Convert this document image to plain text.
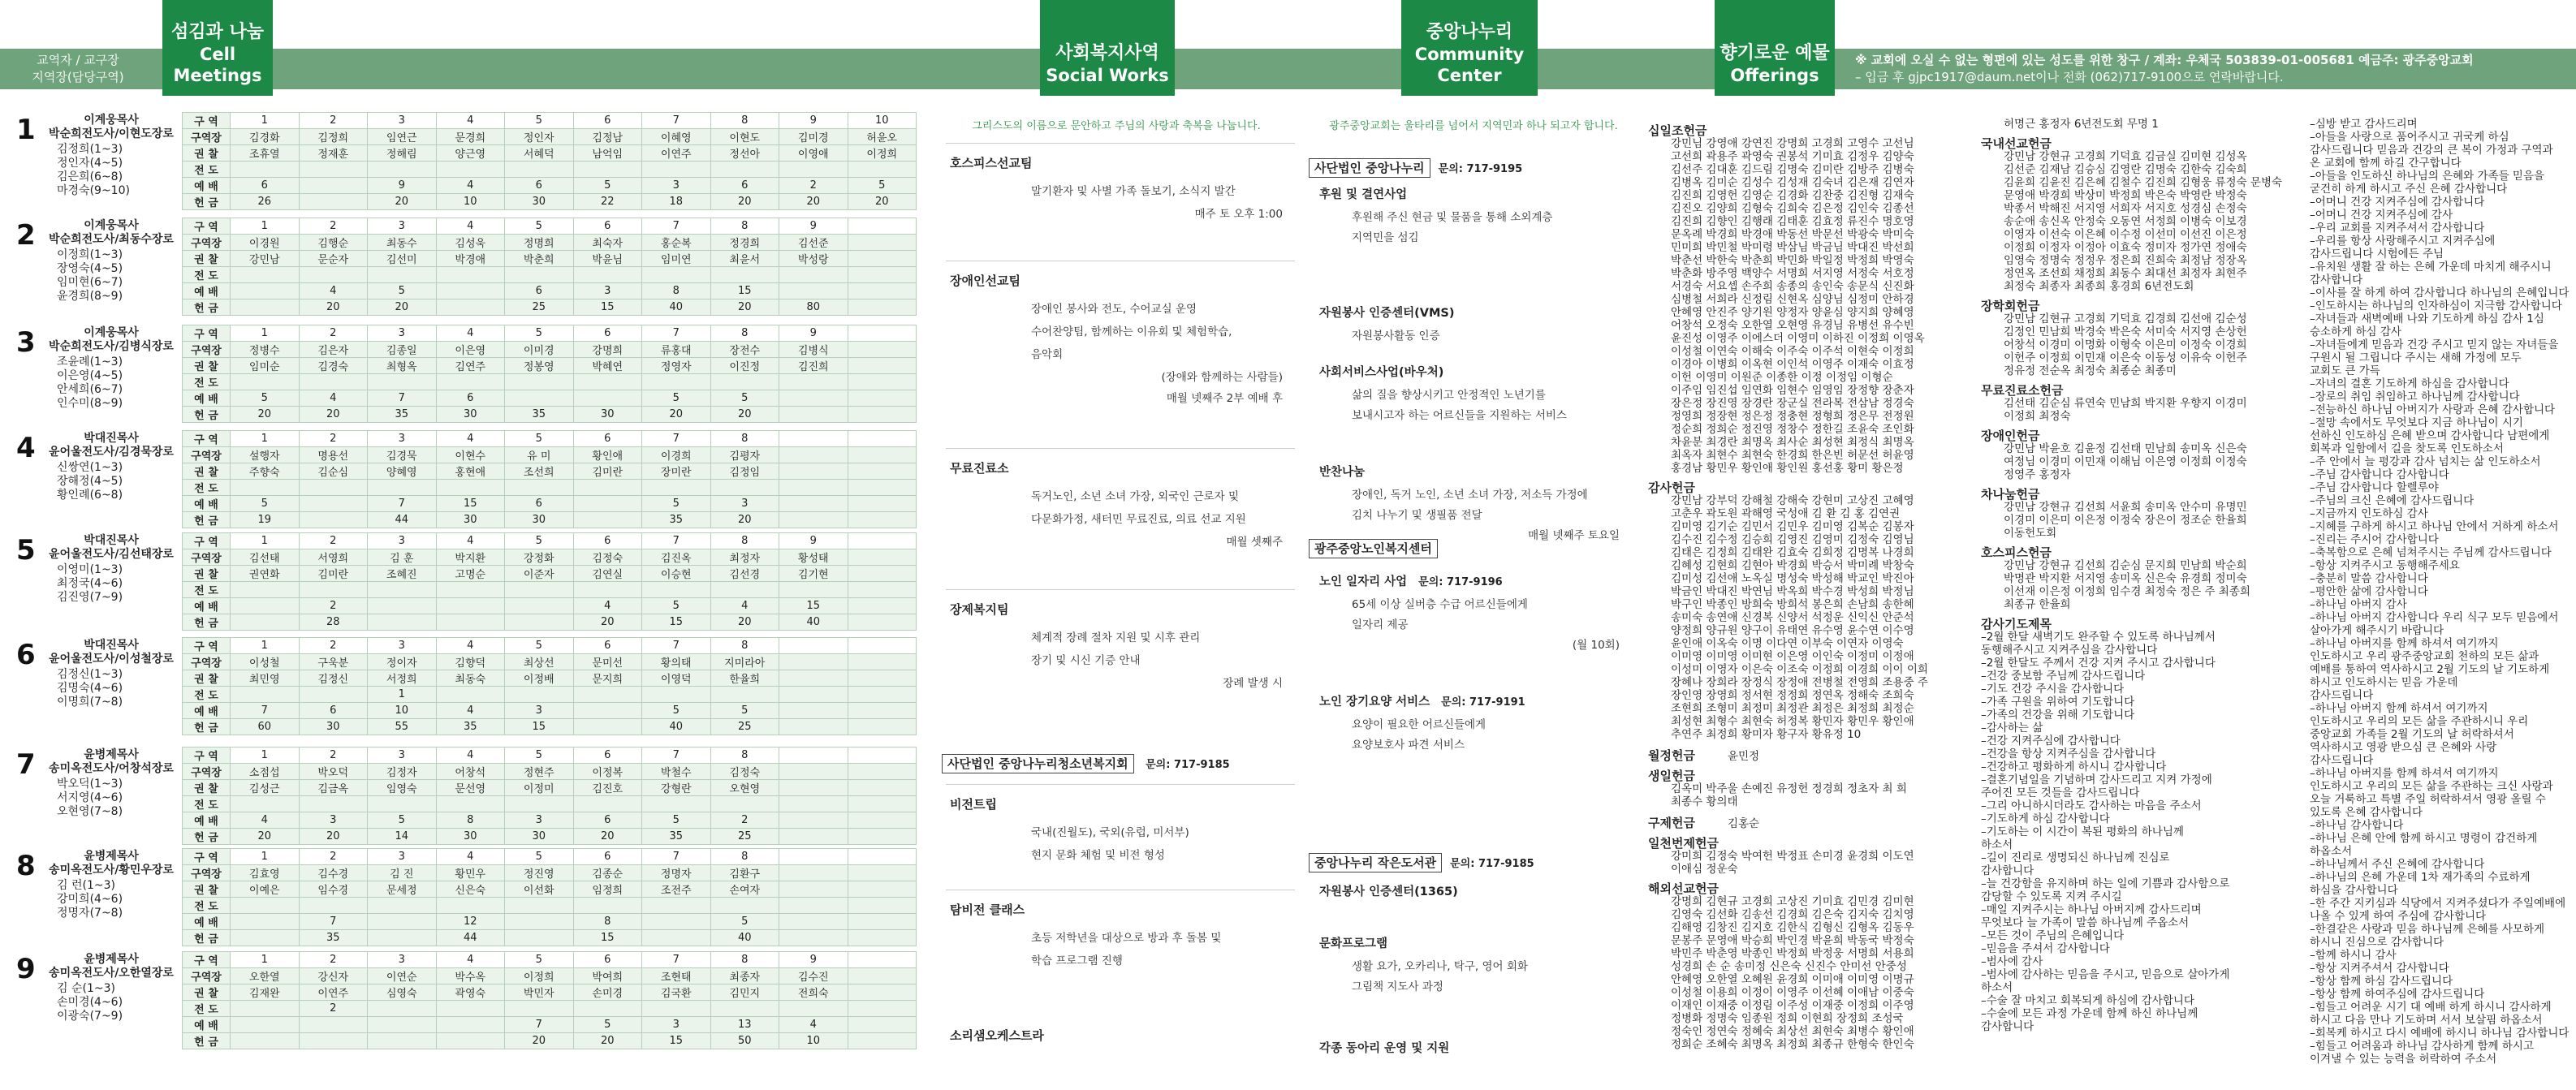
교역자 / 교구장
지역장(담당구역)
섬김과 나눔
Cell Meetings
사회복지사역
Social Works
중앙나누리
Community Center
향기로운 예물
Offerings
※ 교회에 오실 수 없는 형편에 있는 성도를 위한 창구 / 계좌: 우체국 503839-01-005681 예금주: 광주중앙교회
– 입금 후 gjpc1917@daum.net이나 전화 (062)717-9100으로 연락바랍니다.
1	이계웅목사
박순희전도사/이현도장로
김정희(1~3)
정인자(4~5)
김은희(6~8)
마경숙(9~10)
구 역	1	2	3	4	5	6	7	8	9	10
구역장	김경화	김정희	임연근	문경희	정인자	김정남	이혜영	이현도	김미경	허윤오
권 찰	조휴열	정재훈	정해림	양근영	서혜덕	남억임	이연주	정선아	이영애	이정희
전 도										
예 배	6		9	4	6	5	3	6	2	5
헌 금	26		20	10	30	22	18	20	20	20
2	이계웅목사
박순희전도사/최동수장로
이정희(1~3)
장영숙(4~5)
임미현(6~7)
윤경희(8~9)
구 역	1	2	3	4	5	6	7	8	9	
구역장	이경원	김행순	최동수	김성욱	정명희	최숙자	홍순복	정경희	김선준	
권 찰	강민남	문순자	김선미	박경애	박춘희	박윤님	임미연	최윤서	박성랑	
전 도										
예 배		4	5		6	3	8	15		
헌 금		20	20		25	15	40	20	80	
3	이계웅목사
박순희전도사/김병식장로
조윤례(1~3)
이은영(4~5)
안세희(6~7)
인수미(8~9)
구 역	1	2	3	4	5	6	7	8	9	
구역장	정병수	김은자	김종일	이은영	이미경	강명희	류홍대	장전수	김병식	
권 찰	임미순	김경숙	최형옥	김연주	정봉영	박혜연	정영자	이진정	김진희	
전 도										
예 배	5	4	7	6			5	5		
헌 금	20	20	35	30	35	30	20	20		
4	박대진목사
윤어울전도사/김경묵장로
신쌍연(1~3)
장해정(4~5)
황인례(6~8)
구 역	1	2	3	4	5	6	7	8		
구역장	설행자	명용선	김경묵	이현수	유 미	황인애	이경희	김평자		
권 찰	주향숙	김순심	양혜영	홍현애	조선희	김미란	장미란	김정임		
전 도										
예 배	5		7	15	6		5	3		
헌 금	19		44	30	30		35	20		
5	박대진목사
윤어울전도사/김선태장로
이영미(1~3)
최정국(4~6)
김진영(7~9)
구 역	1	2	3	4	5	6	7	8	9	
구역장	김선태	서영희	김 훈	박지환	강정화	김정숙	김진옥	최정자	황성태	
권 찰	권연화	김미란	조혜진	고명순	이준자	김연실	이승현	김선경	김기현	
전 도										
예 배		2				4	5	4	15	
헌 금		28				20	15	20	40	
6	박대진목사
윤어울전도사/이성철장로
김정신(1~3)
김명숙(4~6)
이명희(7~8)
구 역	1	2	3	4	5	6	7	8		
구역장	이성철	구욱분	정이자	김향덕	최상선	문미선	황의태	지미라아		
권 찰	최민영	김정신	서정희	최동숙	이정배	문지희	이영덕	한율희		
전 도			1							
예 배	7	6	10	4	3		5	5		
헌 금	60	30	55	35	15		40	25		
7	윤병제목사
송미옥전도사/어창석장로
박오덕(1~3)
서지영(4~6)
오현영(7~8)
구 역	1	2	3	4	5	6	7	8		
구역장	소점섭	박오덕	김정자	어창석	정현주	이정복	박철수	김정숙		
권 찰	김성근	김금옥	임영숙	문선영	이정미	김진호	강형란	오현영		
전 도										
예 배	4	3	5	8	3	6	5	2		
헌 금	20	20	14	30	30	20	35	25		
8	윤병제목사
송미옥전도사/황민우장로
김 런(1~3)
강미희(4~6)
정명자(7~8)
구 역	1	2	3	4	5	6	7	8		
구역장	김효영	김수경	김 진	황민우	정진영	김종순	정명자	김환구		
권 찰	이예은	임수경	문세정	신은숙	이선화	임정희	조전주	손여자		
전 도										
예 배		7		12		8		5		
헌 금		35		44		15		40		
9	윤병제목사
송미옥전도사/오한열장로
김 순(1~3)
손미경(4~6)
이광숙(7~9)
구 역	1	2	3	4	5	6	7	8	9	
구역장	오한열	강신자	이연순	박수옥	이정희	박여희	조현태	최종자	김수진	
권 찰	김재완	이연주	심영숙	곽영숙	박민자	손미경	김국환	김민지	전희숙	
전 도		2								
예 배					7	5	3	13	4	
헌 금					20	20	15	50	10	
그리스도의 이름으로 문안하고 주님의 사랑과 축복을 나눕니다.
호스피스선교팀
말기환자 및 사별 가족 돌보기, 소식지 발간
매주 토 오후 1:00
장애인선교팀
장애인 봉사와 전도, 수어교실 운영
수어찬양팀, 함께하는 이유회 및 체험학습,
음악회
(장애와 함께하는 사람들)
매월 넷째주 2부 예배 후
무료진료소
독거노인, 소년 소녀 가장, 외국인 근로자 및
다문화가정, 새터민 무료진료, 의료 선교 지원
매월 셋째주
장제복지팀
체계적 장례 절차 지원 및 시후 관리
장기 및 시신 기증 안내
장례 발생 시
사단법인 중앙나누리청소년복지회 문의: 717-9185
비전트립
국내(진월도), 국외(유럽, 미서부)
현지 문화 체험 및 비전 형성
탐비전 클래스
초등 저학년을 대상으로 방과 후 돌봄 및
학습 프로그램 진행
소리샘오케스트라
광주중앙교회는 울타리를 넘어서 지역민과 하나 되고자 합니다.
사단법인 중앙나누리 문의: 717-9195
후원 및 결연사업
후원해 주신 현금 및 물품을 통해 소외계층
지역민을 섬김
자원봉사 인증센터(VMS)
자원봉사활동 인증
사회서비스사업(바우처)
삶의 질을 향상시키고 안정적인 노년기를
보내시고자 하는 어르신들을 지원하는 서비스
반찬나눔
장애인, 독거 노인, 소년 소녀 가장, 저소득 가정에
김치 나누기 및 생필품 전달
매월 넷째주 토요일
광주중앙노인복지센터
노인 일자리 사업 문의: 717-9196
65세 이상 실버층 수급 어르신들에게
일자리 제공
(월 10회)
노인 장기요양 서비스 문의: 717-9191
요양이 필요한 어르신들에게
요양보호사 파견 서비스
중앙나누리 작은도서관 문의: 717-9185
자원봉사 인증센터(1365)
문화프로그램
생활 요가, 오카리나, 탁구, 영어 회화
그림책 지도사 과정
각종 동아리 운영 및 지원
십일조헌금
강민님 강영애 강연진 강명희 고경희 고영수 고선님
고선희 곽용주 곽영숙 권봉석 기미효 김정우 김양숙
김선주 김대훈 김드림 김명숙 김미란 김방주 김병숙
김병옥 김미순 김성수 김성재 김숙녀 김은재 김연자
김진희 김영헌 김영순 김경화 김찬중 김진형 김재숙
김진오 김양희 김형숙 김희숙 김은정 김인숙 김종선
김진희 김향인 김행래 김태훈 김효정 류진수 명호영
문옥례 박경희 박경애 박동선 박문선 박광숙 박미숙
민미희 박민철 박미령 박삼님 박금님 박대진 박선희
박춘선 박한숙 박춘희 박민화 박일정 박정희 박영숙
박춘화 방주영 백양수 서명희 서지영 서정숙 서호정
서경숙 서요셉 손주희 송종의 송인숙 송문식 신진화
심병철 서희라 신정림 신현옥 심양님 심정미 안하경
안혜영 안진주 양기원 양정자 양윤심 양지희 양혜영
어창석 오정숙 오한열 오현영 유경님 유병선 유수빈
윤진성 이영주 이에스더 이영미 이하진 이정희 이영옥
이성철 이연숙 이해숙 이주숙 이주석 이현숙 이정희
이경아 이병희 이옥현 이인석 이영주 이재숙 이효정
이헌 이영미 이원준 이종한 이정 이정임 이형순
이주임 임진섭 임연화 임현수 임영임 장정향 장춘자
장은정 장진영 장경란 장군실 전라복 전삼남 정경숙
정영희 정장현 정은정 정충현 정형희 정은무 전정원
정순희 정희순 정진영 정창수 정한길 조윤숙 조인화
차윤분 최경란 최명옥 최사순 최성현 최정식 최명옥
최옥자 최현수 최현숙 한경희 한은빈 허문선 허윤영
홍경남 황민우 황인애 황인원 홍선홍 황미 황은정
감사헌금
강민남 강부덕 강해철 강해숙 강현미 고상진 고혜영
고춘우 곽도원 곽해영 국성애 김 환 김 홍 김연권
김미영 김기순 김민서 김민우 김미영 김복순 김봉자
김수진 김수정 김승희 김영진 김영미 김정숙 김영님
김태은 김정희 김태완 김효숙 김희정 김명복 나경희
김혜성 김현희 김현아 박경희 박승서 박미례 박창숙
김미성 김선애 노옥실 명성숙 박성해 박교인 박진아
박금인 박대진 박연님 박옥희 박수경 박성희 박정님
박구인 박종인 방희숙 방희석 봉은희 손남희 송한혜
송미숙 송연애 신경복 신양서 석정운 신익신 안준석
양정희 양규원 양구이 유태연 유수영 윤수연 이수영
윤인애 이옥숙 이명 이다연 이부숙 이연자 이영숙
이미영 이미영 이미현 이은영 이인숙 이정미 이정애
이성미 이영자 이은숙 이조숙 이정희 이경희 이이 이희
장혜나 장희라 장정식 장정애 전병철 전영희 조용중 주
장인영 장영희 정서현 정정희 정연옥 정해숙 조희숙
조현희 조형미 최정미 최정관 최정은 최정희 최정순
최성현 최형수 최현숙 허정복 황민자 황민우 황인애
추연주 최정희 황미자 황구자 황유정 10
월정헌금	윤민정
생일헌금
김옥미 박주울 손예진 유정헌 정경희 정초자 최 희
최종수 황의태
구제헌금	김홍순
일천번제헌금
강미희 김정숙 박여헌 박정표 손미경 윤경희 이도연
이애심 정운숙
해외선교헌금
강명희 김현규 고경희 고상진 기미효 김민경 김미현
김영숙 김선화 김송선 김경희 김은숙 김지숙 김치영
김해영 김창진 김지호 김한식 김형신 김형옥 김동우
문봉주 문영애 박승희 박인경 박윤희 박동국 박정숙
박민주 박춘영 박종인 박정희 박정웅 서명희 서용희
성경희 손 순 송미정 신은숙 신진수 안미선 안중성
안혜영 오한열 오혜원 윤경희 이미애 이미영 이명규
이성철 이용희 이정이 이영주 이선혜 이애남 이중숙
이재인 이재중 이정림 이주성 이재중 이정희 이주영
정병화 정명숙 임종원 정희 이현희 장정희 조성국
정숙인 정연숙 정혜숙 최상선 최현숙 최병수 황인애
정희순 조혜숙 최명옥 최정희 최종규 한형숙 한인숙
허명근 홍정자 6년전도회 무명 1
국내선교헌금
강민남 강현규 고경희 기덕효 김금실 김미현 김성옥
김선준 김재남 김승심 김영란 김명숙 김한숙 김숙희
김윤희 김윤진 김은혜 김철수 김진희 김형웅 류정숙 문병숙
문영애 박경희 박상미 박정희 박은숙 박영란 박정숙
박종서 박해진 서지영 서희자 서지호 성경심 손정숙
송순애 송신옥 안정숙 오동연 서정희 이병숙 이보경
이영자 이선숙 이은혜 이수정 이선미 이선진 이은정
이정희 이정자 이정아 이효숙 정미자 정가연 정애숙
임영숙 정명숙 정정우 정은희 진희숙 최정남 정장옥
정연옥 조선희 채정희 최동수 최대선 최정자 최현주
최정숙 최종자 최종희 홍경희 6년전도회
장학회헌금
강민남 김현규 고경희 기덕효 김경희 김선애 김순성
김정인 민남희 박경숙 박은숙 서미숙 서지영 손상헌
어창석 이경미 이명화 이형숙 이은미 이정숙 이경희
이헌주 이정희 이민재 이은숙 이동성 이유숙 이헌주
정유정 전순옥 최정숙 최종순 최종미
무료진료소헌금
김선태 김순심 류연숙 민남희 박지환 우향지 이경미
이정희 최정숙
장애인헌금
강민남 박윤호 김윤정 김선태 민남희 송미옥 신은숙
여정님 이경미 이민재 이해님 이은영 이정희 이정숙
정영주 홍정자
차나눔헌금
강민남 강현규 김선희 서윤희 송미옥 안수미 유명민
이경미 이은미 이은정 이정숙 장은이 정조순 한율희
이동헌도회
호스피스헌금
강민남 강현규 김선희 김순심 문지희 민남희 박순희
박명관 박지환 서지영 송미옥 신은숙 유경희 정미숙
이선재 이은정 이정희 임수경 최정숙 정은 주 최종희
최종규 한율희
감사기도제목
–2월 한달 새벽기도 완주할 수 있도록 하나님께서
동행해주시고 지켜주심을 감사합니다
–2월 한달도 주께서 건강 지켜 주시고 감사합니다
–건강 중보함 주님께 감사드립니다
–기도 건강 주시을 감사합니다
–가족 구원을 위하여 기도합니다
–가족의 건강을 위해 기도합니다
–감사하는 삶
–건강 지켜주심에 감사합니다
–건강을 항상 지켜주심을 감사합니다
–건강하고 평화하게 하시니 감사합니다
–결혼기념일을 기념하며 감사드리고 지켜 가정에
주어진 모든 것들을 감사드립니다
–그리 아니하시더라도 감사하는 마음을 주소서
–기도하게 하심 감사합니다
–기도하는 이 시간이 복된 평화의 하나님께
하소서
–길이 진리로 생명되신 하나님께 진심로
감사합니다
–늘 건강함을 유지하며 하는 일에 기쁨과 감사함으로
감당할 수 있도록 지켜 주시길
–매일 지켜주시는 하나님 아버지께 감사드리며
무엇보다 늘 가족이 말씀 하나님께 주옵소서
–모든 것이 주님의 은혜입니다
–믿음을 주셔서 감사합니다
–범사에 감사
–범사에 감사하는 믿음을 주시고, 믿음으로 살아가게
하소서
–수술 잘 마치고 회복되게 하심에 감사합니다
–수술에 모든 과정 가운데 함께 하신 하나님께
감사합니다
–심방 받고 감사드리며
–아들을 사랑으로 품어주시고 귀국케 하심
감사드립니다 믿음과 건강의 큰 복이 가정과 구역과
온 교회에 함께 하길 간구합니다
–아들을 인도하신 하나님의 은혜와 가족들 믿음을
굳건히 하게 하시고 주신 은혜 감사합니다
–어머니 건강 지켜주심에 감사합니다
–어머니 건강 지켜주심에 감사
–우리 교회를 지켜주셔서 감사합니다
–우리를 항상 사랑해주시고 지켜주심에
감사드립니다 시험에든 주님
–유치원 생활 잘 하는 은혜 가운데 마치게 해주시니
감사합니다
–이사를 잘 하게 하여 감사합니다 하나님의 은혜입니다
–인도하시는 하나님의 인자하심이 지극함 감사합니다
–자녀들과 새벽예배 나와 기도하게 하심 감사 1심
승소하게 하심 감사
–자녀들에게 믿음과 건강 주시고 믿지 않는 자녀들을
구원시 될 그립니다 주시는 새해 가정에 모두
교회도 큰 가득
–자녀의 결혼 기도하게 하심을 감사합니다
–장로의 취임 취임하고 하나님께 감사합니다
–전능하신 하나님 아버지가 사랑과 은혜 감사합니다
–절망 속에서도 무엇보다 지금 하나님이 시기
선하신 인도하심 은혜 받으며 감사합니다 남편에게
회복과 일함에서 길을 찾도록 인도하소서
–주 안에서 늘 평강과 감사 넘치는 삶 인도하소서
–주님 감사합니다 감사합니다
–주님 감사합니다 할렐루야
–주님의 크신 은혜에 감사드립니다
–지금까지 인도하심 감사
–지혜를 구하게 하시고 하나님 안에서 거하게 하소서
–진리는 주시어 감사합니다
–축복함으로 은혜 넘쳐주시는 주님께 감사드립니다
–항상 지켜주시고 동행해주세요
–충분히 말씀 감사합니다
–평안한 삶에 감사합니다
–하나님 아버지 감사
–하나님 아버지 감사합니다 우리 식구 모두 믿음에서
살아가게 해주시기 바랍니다
–하나님 아버지를 함께 하셔서 여기까지
인도하시고 우리 광주중앙교회 천하의 모든 삶과
예배를 통하여 역사하시고 2월 기도의 날 기도하게
하시고 인도하시는 믿음 가운데
감사드립니다
–하나님 아버지 함께 하셔서 여기까지
인도하시고 우리의 모든 삶을 주관하시니 우리
중앙교회 가족들 2월 기도의 날 허락하셔서
역사하시고 영광 받으심 큰 은혜와 사랑
감사드립니다
–하나님 아버지를 함께 하셔서 여기까지
인도하시고 우리의 모든 삶을 주관하는 크신 사랑과
오늘 거룩하고 특별 주일 허락하셔서 영광 올릴 수
있도록 은혜 감사합니다
–하나님 감사합니다
–하나님 은혜 안에 함께 하시고 명령이 감건하게
하옵소서
–하나님께서 주신 은혜에 감사합니다
–하나님의 은혜 가운데 1차 재가족의 수료하게
하심을 감사합니다
–한 주간 지키심과 식당에서 지켜주셨다가 주일예배에
나올 수 있게 하여 주심에 감사합니다
–한결같은 사랑과 믿음 하나님께 은혜를 사모하게
하시니 진심으로 감사합니다
–함께 하시니 감사
–항상 지켜주셔서 감사합니다
–항상 함께 하심 감사드립니다
–항상 함께 하여주심에 감사드립니다
–힘들고 어려운 시기 대 예배 하게 하시니 감사하게
하시고 다음 만나 기도하며 서서 보살핌 하옵소서
–회복케 하시고 다시 예배에 하시니 하나님 감사합니다
–힘들고 어려움과 하나님 감사하게 함께 하시고
이겨낼 수 있는 능력을 허락하여 주소서
